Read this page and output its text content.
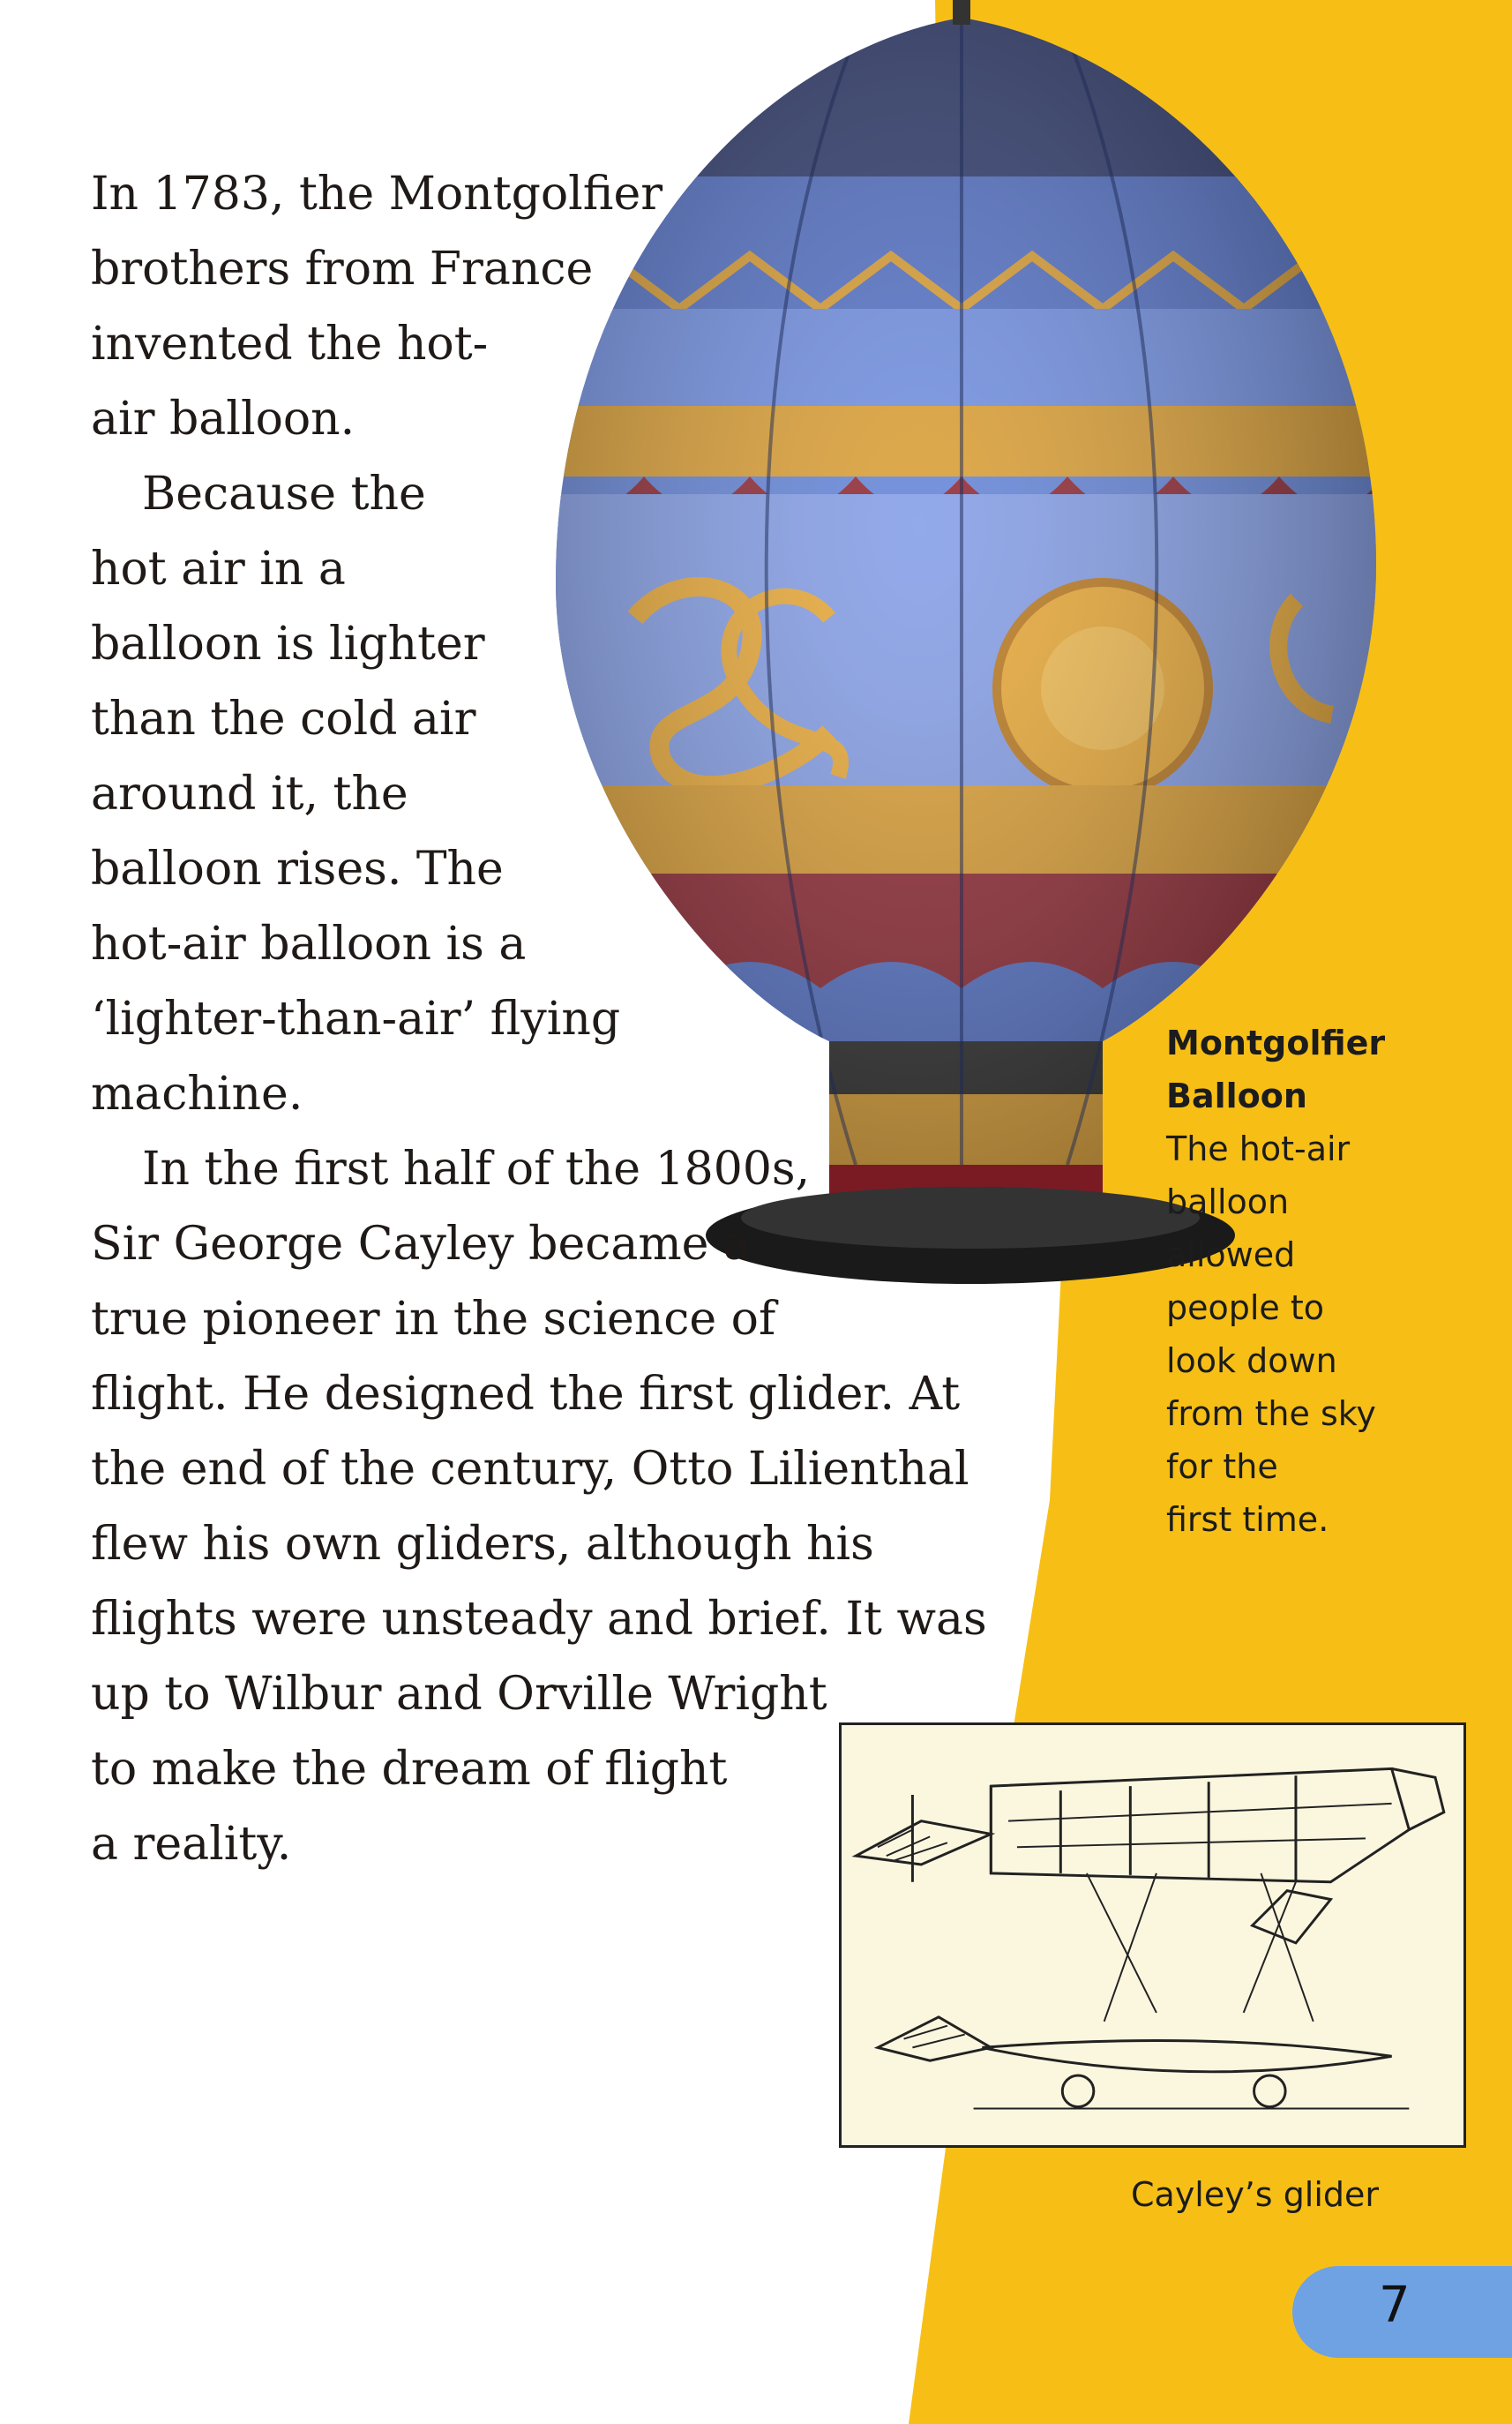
In 1783, the Montgolfier
brothers from France
invented the hot-
air balloon.
Because the
hot air in a
balloon is lighter
than the cold air
around it, the
balloon rises. The
hot-air balloon is a
‘lighter-than-air’ flying
machine.
In the first half of the 1800s,
Sir George Cayley became a
true pioneer in the science of
flight. He designed the first glider. At
the end of the century, Otto Lilienthal
flew his own gliders, although his
flights were unsteady and brief. It was
up to Wilbur and Orville Wright
to make the dream of flight
a reality.
Montgolfier
Balloon
The hot-air
balloon
allowed
people to
look down
from the sky
for the
first time.
Cayley’s glider
7
